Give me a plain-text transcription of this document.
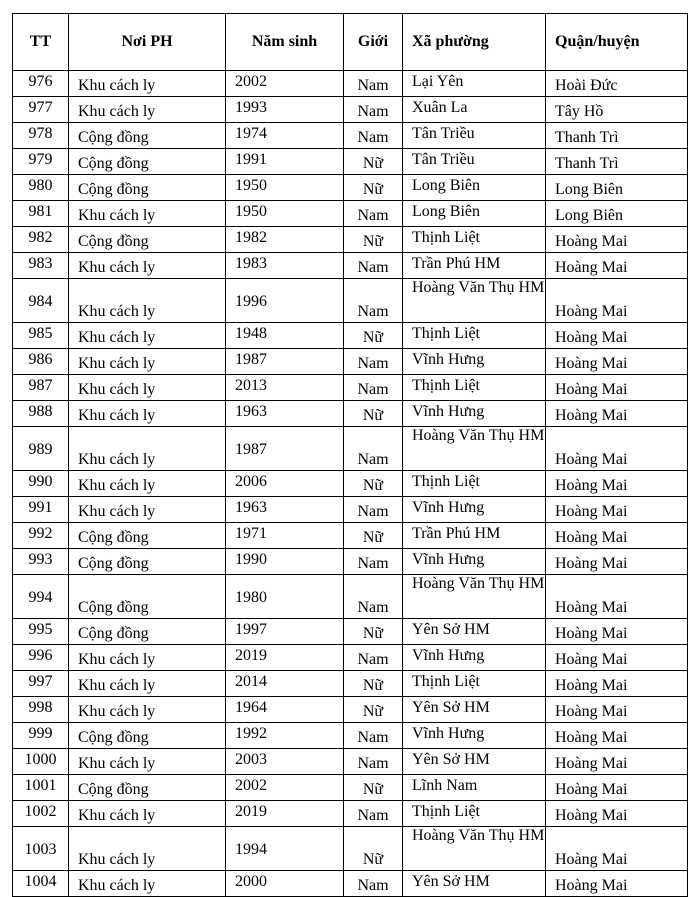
TT	Nơi PH	Năm sinh	Giới	Xã phường	Quận/huyện

976	Khu cách ly	2002	Nam	Lại Yên	Hoài Đức

977	Khu cách ly	1993	Nam	Xuân La	Tây Hồ

978	Cộng đồng	1974	Nam	Tân Triều	Thanh Trì

979	Cộng đồng	1991	Nữ	Tân Triều	Thanh Trì

980	Cộng đồng	1950	Nữ	Long Biên	Long Biên

981	Khu cách ly	1950	Nam	Long Biên	Long Biên

982	Cộng đồng	1982	Nữ	Thịnh Liệt	Hoàng Mai

983	Khu cách ly	1983	Nam	Trần Phú HM	Hoàng Mai

984	Khu cách ly	1996	Nam	Hoàng Văn Thụ HM	Hoàng Mai

985	Khu cách ly	1948	Nữ	Thịnh Liệt	Hoàng Mai

986	Khu cách ly	1987	Nam	Vĩnh Hưng	Hoàng Mai

987	Khu cách ly	2013	Nam	Thịnh Liệt	Hoàng Mai

988	Khu cách ly	1963	Nữ	Vĩnh Hưng	Hoàng Mai

989	Khu cách ly	1987	Nam	Hoàng Văn Thụ HM	Hoàng Mai

990	Khu cách ly	2006	Nữ	Thịnh Liệt	Hoàng Mai

991	Khu cách ly	1963	Nam	Vĩnh Hưng	Hoàng Mai

992	Cộng đồng	1971	Nữ	Trần Phú HM	Hoàng Mai

993	Cộng đồng	1990	Nam	Vĩnh Hưng	Hoàng Mai

994	Cộng đồng	1980	Nam	Hoàng Văn Thụ HM	Hoàng Mai

995	Cộng đồng	1997	Nữ	Yên Sở HM	Hoàng Mai

996	Khu cách ly	2019	Nam	Vĩnh Hưng	Hoàng Mai

997	Khu cách ly	2014	Nữ	Thịnh Liệt	Hoàng Mai

998	Khu cách ly	1964	Nữ	Yên Sở HM	Hoàng Mai

999	Cộng đồng	1992	Nam	Vĩnh Hưng	Hoàng Mai

1000	Khu cách ly	2003	Nam	Yên Sở HM	Hoàng Mai

1001	Cộng đồng	2002	Nữ	Lĩnh Nam	Hoàng Mai

1002	Khu cách ly	2019	Nam	Thịnh Liệt	Hoàng Mai

1003	Khu cách ly	1994	Nữ	Hoàng Văn Thụ HM	Hoàng Mai

1004	Khu cách ly	2000	Nam	Yên Sở HM	Hoàng Mai
